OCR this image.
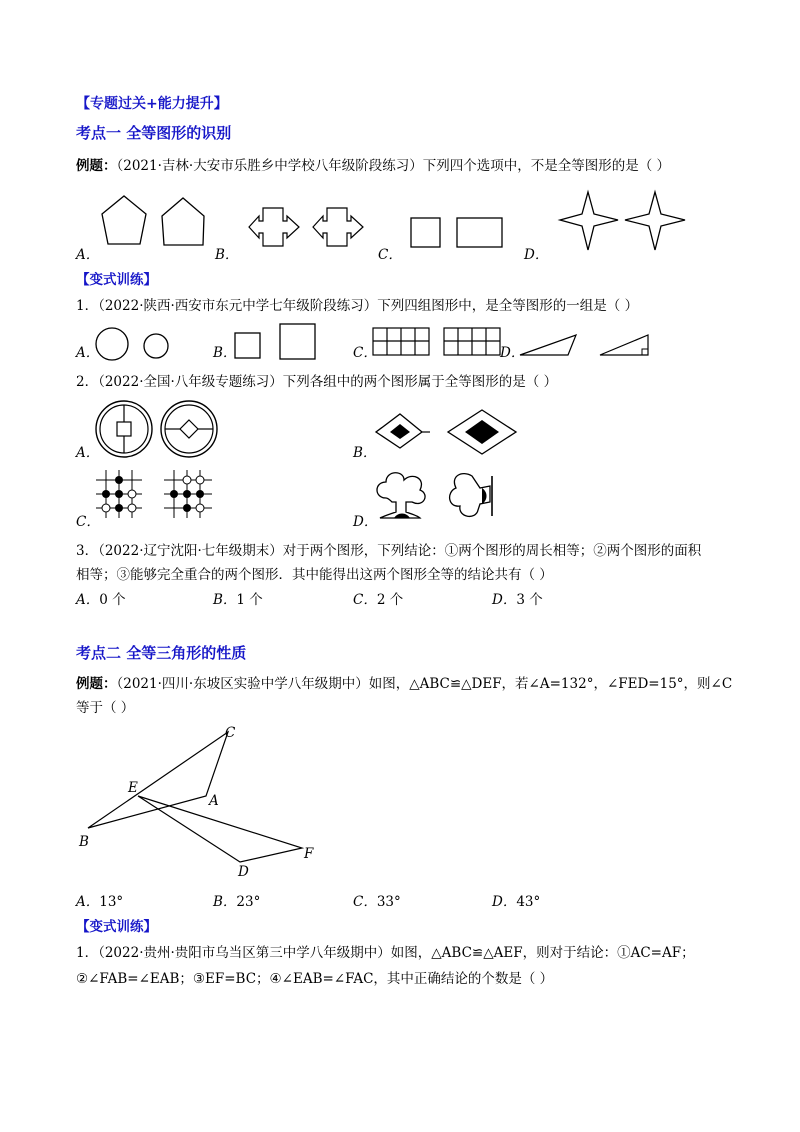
【专题过关+能力提升】
考点一 全等图形的识别
例题：（2021·吉林·大安市乐胜乡中学校八年级阶段练习）下列四个选项中，不是全等图形的是（ ）
A．	B．	C．	D．
【变式训练】
1．（2022·陕西·西安市东元中学七年级阶段练习）下列四组图形中，是全等图形的一组是（ ）
A．	B．	C．	D．
2．（2022·全国·八年级专题练习）下列各组中的两个图形属于全等图形的是（ ）
A．	B．
C．	D．
3．（2022·辽宁沈阳·七年级期末）对于两个图形，下列结论：①两个图形的周长相等；②两个图形的面积
相等；③能够完全重合的两个图形．其中能得出这两个图形全等的结论共有（ ）
A．0 个	B．1 个	C．2 个	D．3 个
考点二 全等三角形的性质
例题：（2021·四川·东坡区实验中学八年级期中）如图，△ABC≌△DEF，若∠A=132°，∠FED=15°，则∠C
等于（ ）
C
E
A
B
F
D
A．13°	B．23°	C．33°	D．43°
【变式训练】
1．（2022·贵州·贵阳市乌当区第三中学八年级期中）如图，△ABC≌△AEF，则对于结论：①AC=AF；
②∠FAB=∠EAB；③EF=BC；④∠EAB=∠FAC，其中正确结论的个数是（ ）
